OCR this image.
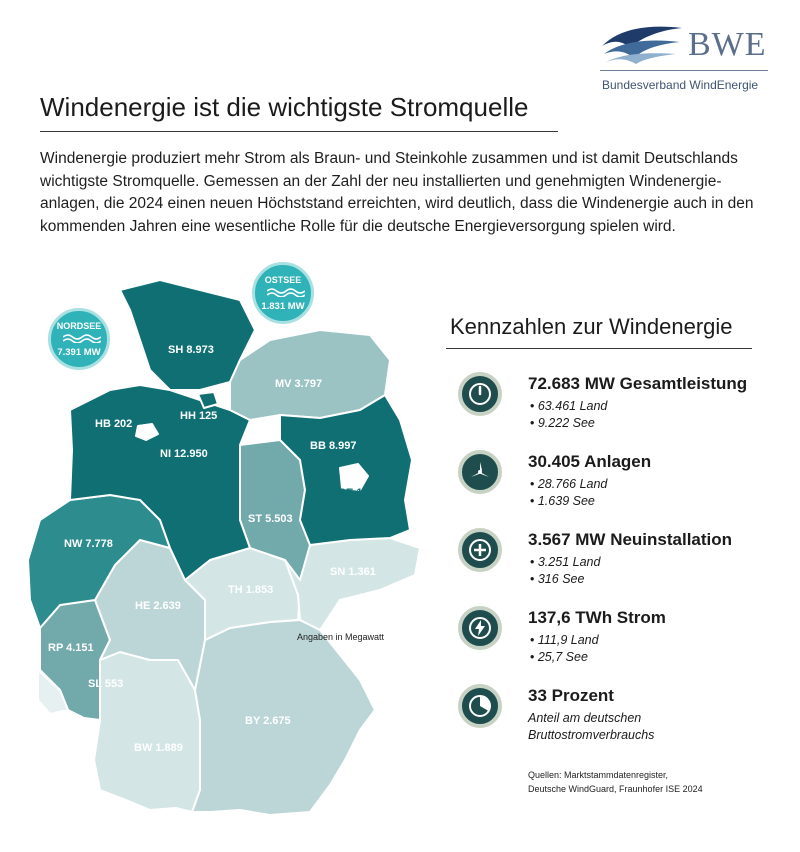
BWE
Bundesverband WindEnergie
Windenergie ist die wichtigste Stromquelle
Windenergie produziert mehr Strom als Braun- und Steinkohle zusammen und ist damit Deutschlands wichtigste Stromquelle. Gemessen an der Zahl der neu installierten und genehmigten Windenergie-anlagen, die 2024 einen neuen Höchststand erreichten, wird deutlich, dass die Windenergie auch in den kommenden Jahren eine wesentliche Rolle für die deutsche Energieversorgung spielen wird.
SH 8.973
MV 3.797
HH 125
HB 202
NI 12.950
BB 8.997
BE 17
ST 5.503
NW 7.778
SN 1.361
TH 1.853
HE 2.639
RP 4.151
SL 553
BY 2.675
BW 1.889
Angaben in Megawatt
NORDSEE
7.391 MW
OSTSEE
1.831 MW
Kennzahlen zur Windenergie
72.683 MW Gesamtleistung
• 63.461 Land
• 9.222 See
30.405 Anlagen
• 28.766 Land
• 1.639 See
3.567 MW Neuinstallation
• 3.251 Land
• 316 See
137,6 TWh Strom
• 111,9 Land
• 25,7 See
33 Prozent
Anteil am deutschen Bruttostromverbrauchs
Quellen: Marktstammdatenregister,
Deutsche WindGuard, Fraunhofer ISE 2024
